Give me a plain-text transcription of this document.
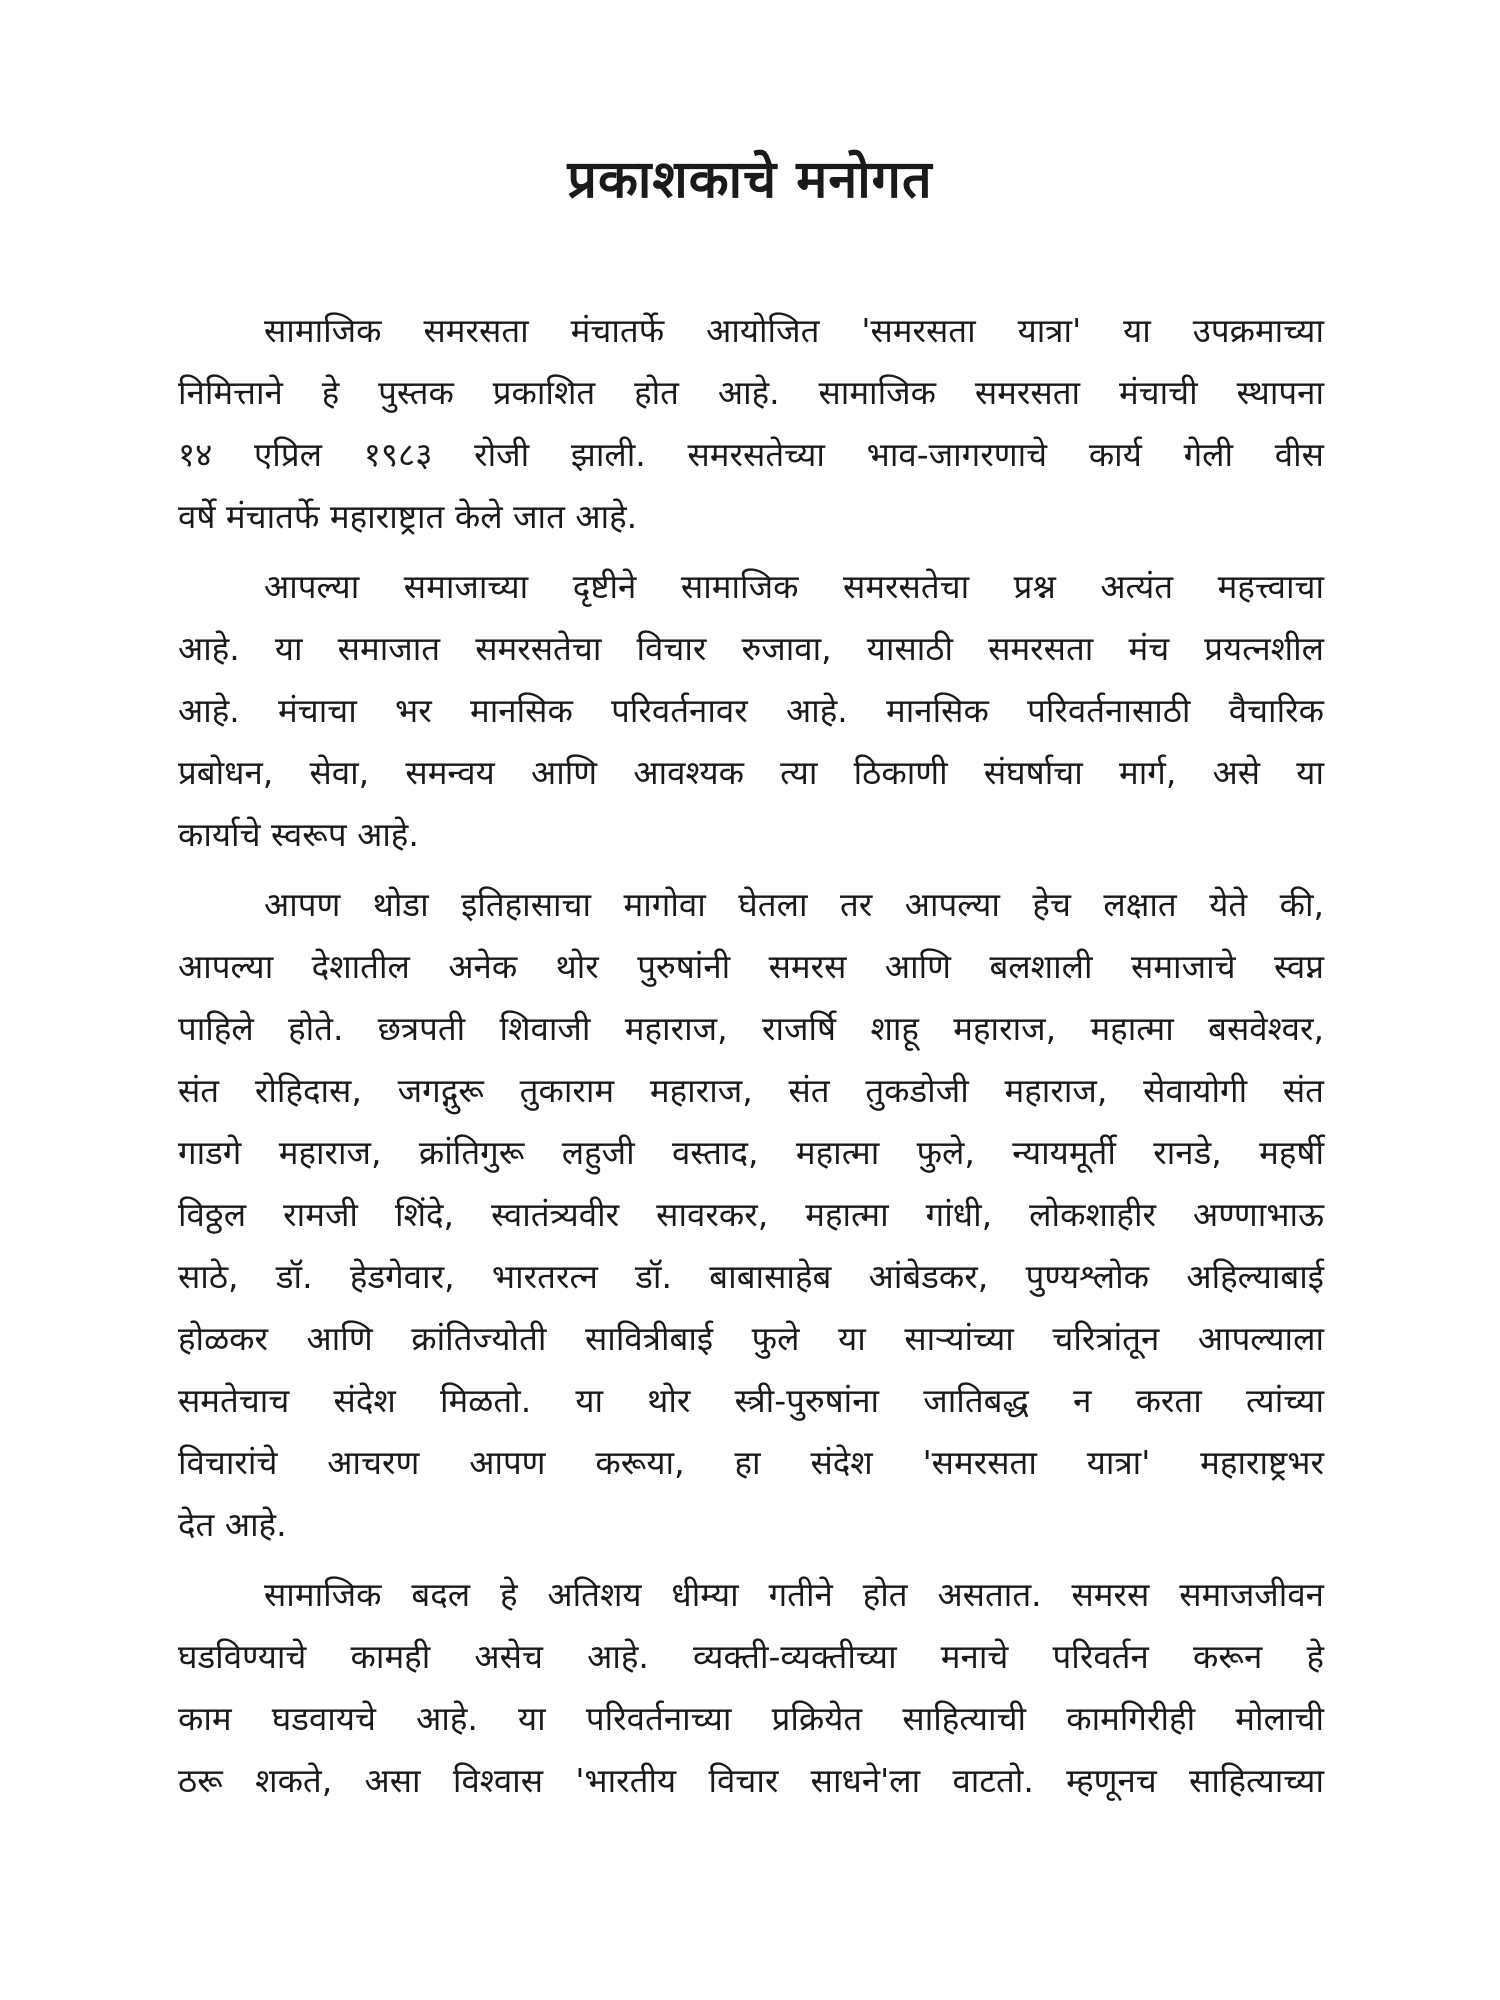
प्रकाशकाचे मनोगत
सामाजिक समरसता मंचातर्फे आयोजित 'समरसता यात्रा' या उपक्रमाच्या
निमित्ताने हे पुस्तक प्रकाशित होत आहे. सामाजिक समरसता मंचाची स्थापना
१४ एप्रिल १९८३ रोजी झाली. समरसतेच्या भाव-जागरणाचे कार्य गेली वीस
वर्षे मंचातर्फे महाराष्ट्रात केले जात आहे.
आपल्या समाजाच्या दृष्टीने सामाजिक समरसतेचा प्रश्न अत्यंत महत्त्वाचा
आहे. या समाजात समरसतेचा विचार रुजावा, यासाठी समरसता मंच प्रयत्नशील
आहे. मंचाचा भर मानसिक परिवर्तनावर आहे. मानसिक परिवर्तनासाठी वैचारिक
प्रबोधन, सेवा, समन्वय आणि आवश्यक त्या ठिकाणी संघर्षाचा मार्ग, असे या
कार्याचे स्वरूप आहे.
आपण थोडा इतिहासाचा मागोवा घेतला तर आपल्या हेच लक्षात येते की,
आपल्या देशातील अनेक थोर पुरुषांनी समरस आणि बलशाली समाजाचे स्वप्न
पाहिले होते. छत्रपती शिवाजी महाराज, राजर्षि शाहू महाराज, महात्मा बसवेश्वर,
संत रोहिदास, जगद्गुरू तुकाराम महाराज, संत तुकडोजी महाराज, सेवायोगी संत
गाडगे महाराज, क्रांतिगुरू लहुजी वस्ताद, महात्मा फुले, न्यायमूर्ती रानडे, महर्षी
विठ्ठल रामजी शिंदे, स्वातंत्र्यवीर सावरकर, महात्मा गांधी, लोकशाहीर अण्णाभाऊ
साठे, डॉ. हेडगेवार, भारतरत्न डॉ. बाबासाहेब आंबेडकर, पुण्यश्लोक अहिल्याबाई
होळकर आणि क्रांतिज्योती सावित्रीबाई फुले या साऱ्यांच्या चरित्रांतून आपल्याला
समतेचाच संदेश मिळतो. या थोर स्त्री-पुरुषांना जातिबद्ध न करता त्यांच्या
विचारांचे आचरण आपण करूया, हा संदेश 'समरसता यात्रा' महाराष्ट्रभर
देत आहे.
सामाजिक बदल हे अतिशय धीम्या गतीने होत असतात. समरस समाजजीवन
घडविण्याचे कामही असेच आहे. व्यक्ती-व्यक्तीच्या मनाचे परिवर्तन करून हे
काम घडवायचे आहे. या परिवर्तनाच्या प्रक्रियेत साहित्याची कामगिरीही मोलाची
ठरू शकते, असा विश्वास 'भारतीय विचार साधने'ला वाटतो. म्हणूनच साहित्याच्या
